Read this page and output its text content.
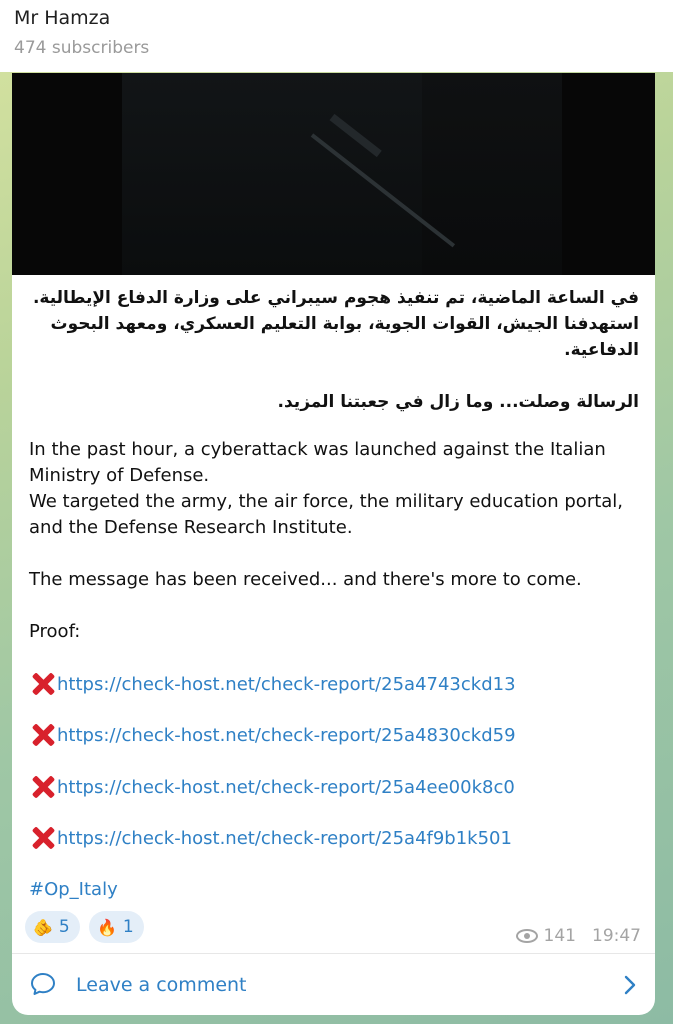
Mr Hamza
474 subscribers
في الساعة الماضية، تم تنفيذ هجوم سيبراني على وزارة الدفاع الإيطالية.
استهدفنا الجيش، القوات الجوية، بوابة التعليم العسكري، ومعهد البحوث الدفاعية.
الرسالة وصلت... وما زال في جعبتنا المزيد.
In the past hour, a cyberattack was launched against the Italian Ministry of Defense.
We targeted the army, the air force, the military education portal, and the Defense Research Institute.
The message has been received... and there's more to come.
Proof:
https://check-host.net/check-report/25a4743ckd13
https://check-host.net/check-report/25a4830ckd59
https://check-host.net/check-report/25a4ee00k8c0
https://check-host.net/check-report/25a4f9b1k501
#Op_Italy
🫵 5 🔥 1	141 19:47
Leave a comment
